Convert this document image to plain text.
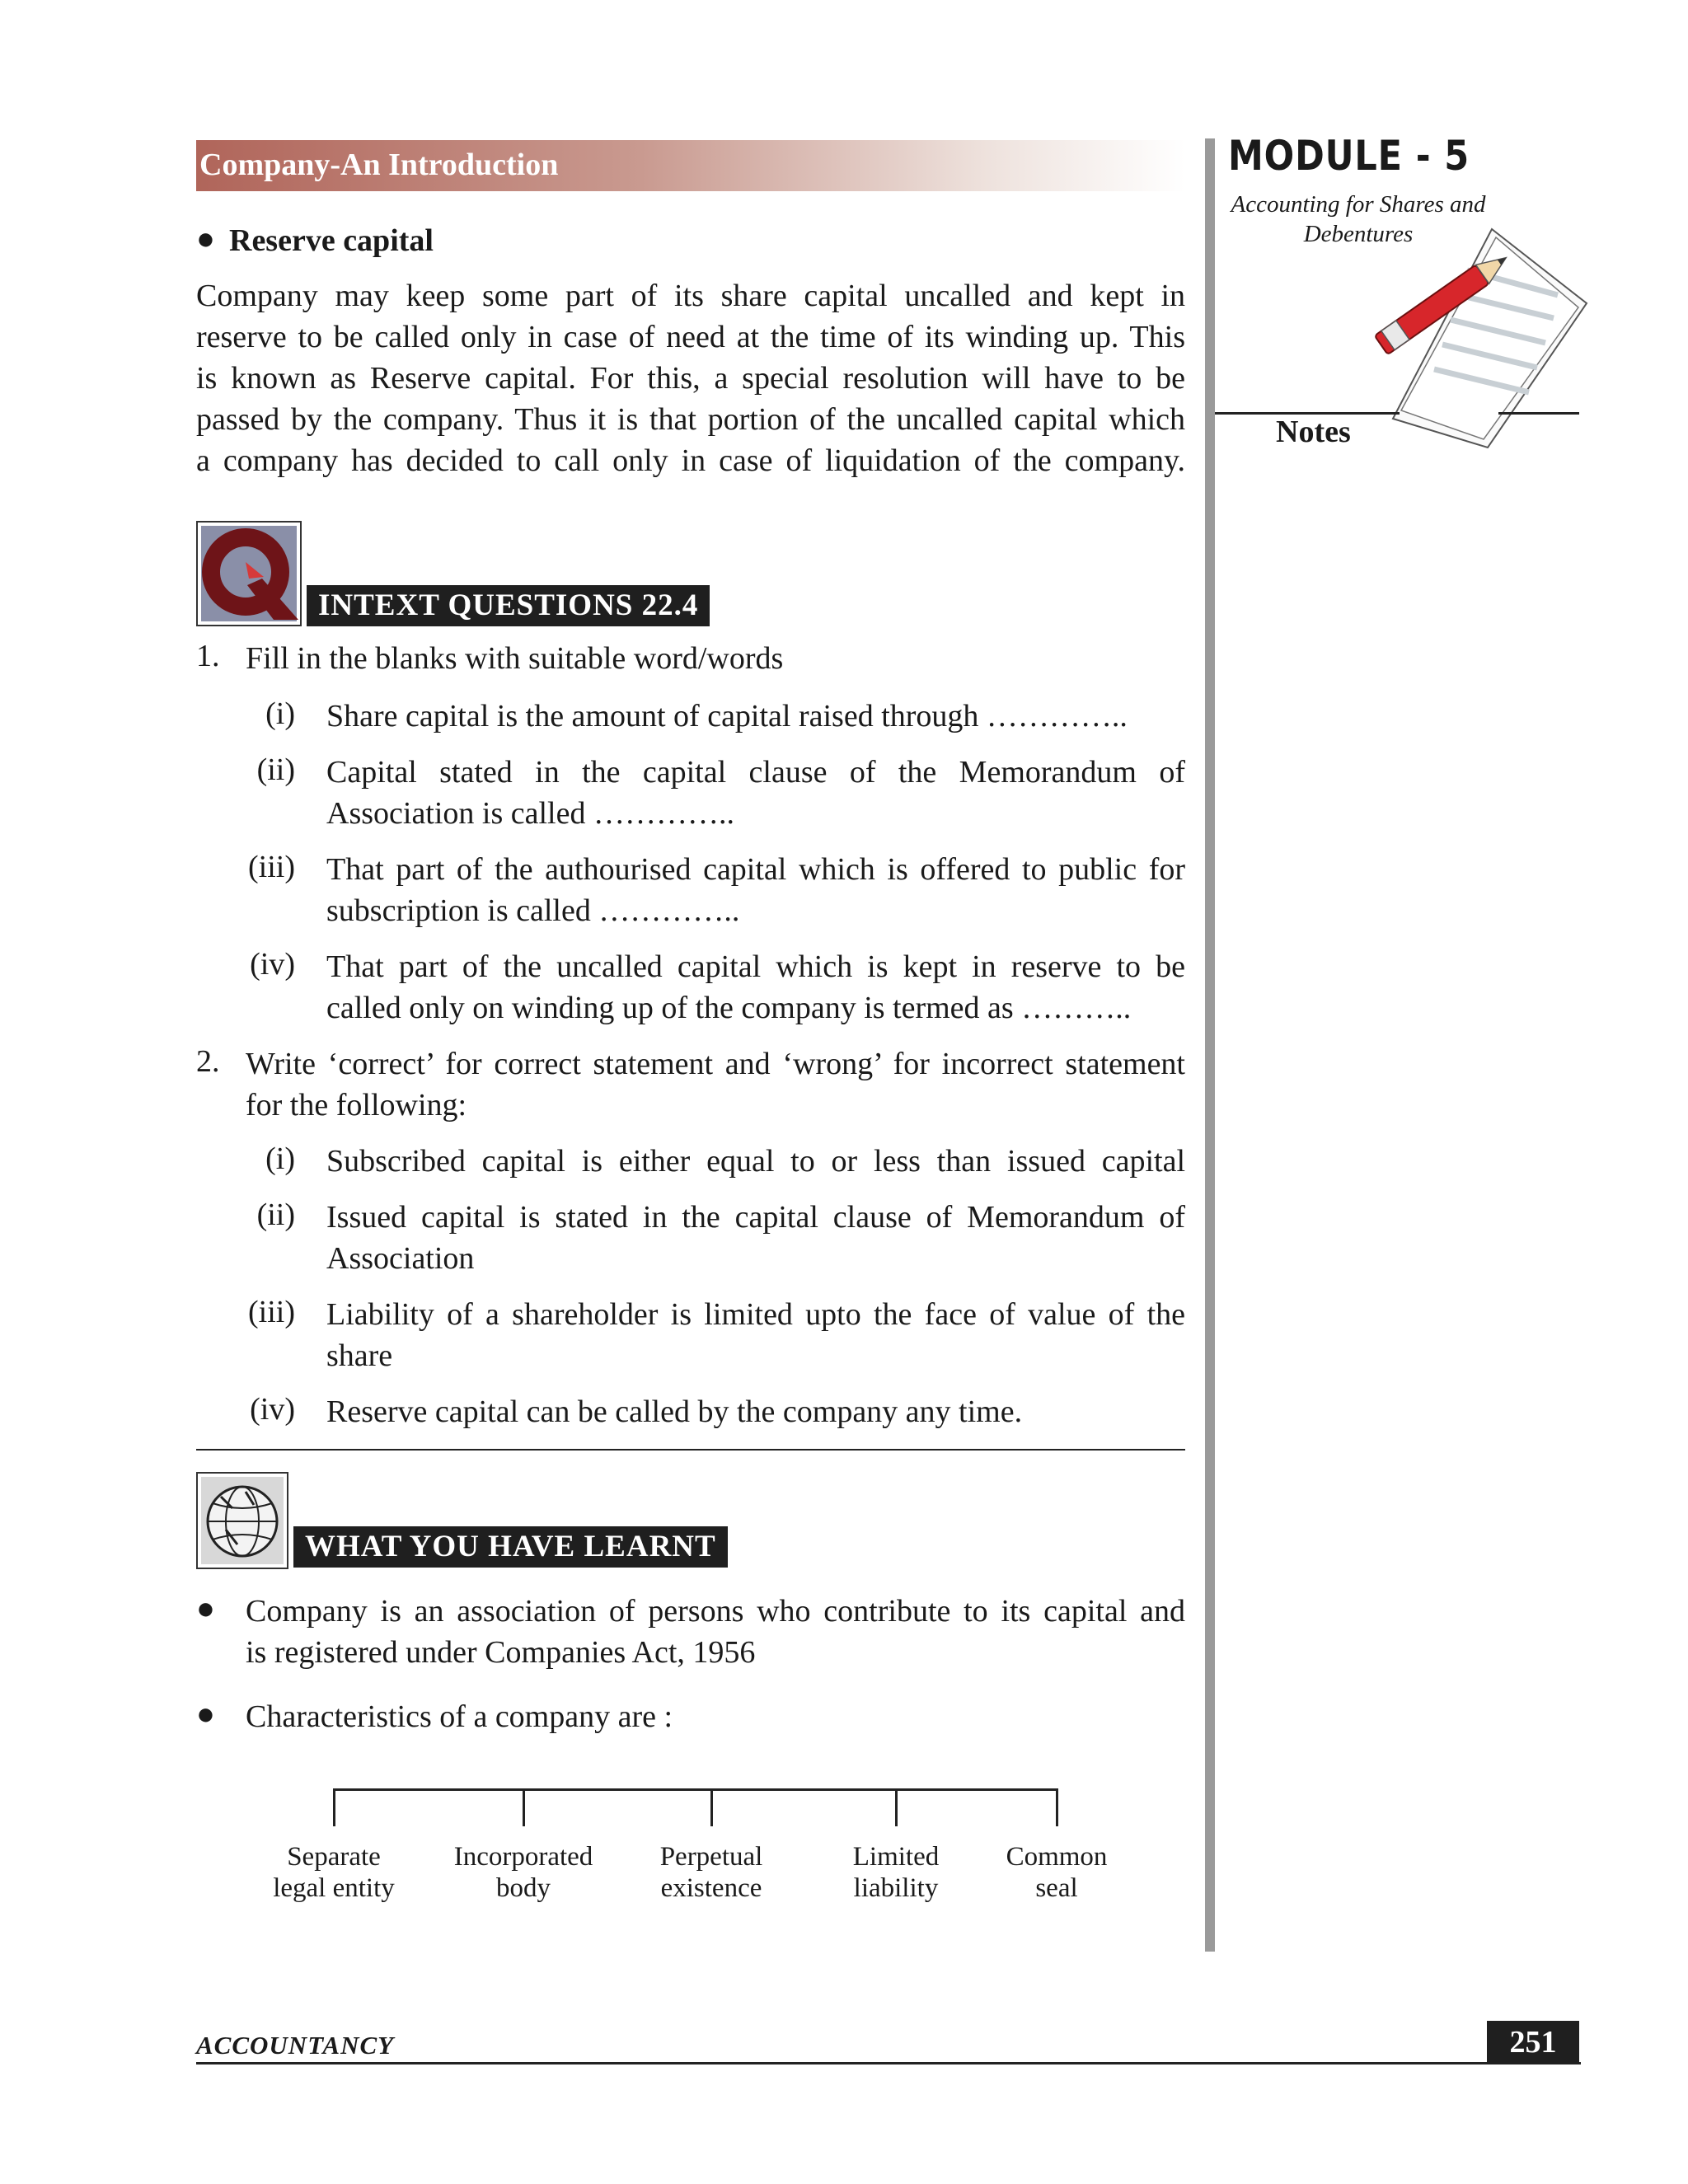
Company-An Introduction	MODULE - 5
Accounting for Shares and
Debentures
Notes
● Reserve capital
Company may keep some part of its share capital uncalled and kept in
reserve to be called only in case of need at the time of its winding up. This
is known as Reserve capital. For this, a special resolution will have to be
passed by the company. Thus it is that portion of the uncalled capital which
a company has decided to call only in case of liquidation of the company.
INTEXT QUESTIONS 22.4
1. Fill in the blanks with suitable word/words
(i) Share capital is the amount of capital raised through …………..
(ii) Capital stated in the capital clause of the Memorandum of
Association is called …………..
(iii) That part of the authourised capital which is offered to public for
subscription is called …………..
(iv) That part of the uncalled capital which is kept in reserve to be
called only on winding up of the company is termed as ………..
2. Write ‘correct’ for correct statement and ‘wrong’ for incorrect statement
for the following:
(i) Subscribed capital is either equal to or less than issued capital
(ii) Issued capital is stated in the capital clause of Memorandum of
Association
(iii) Liability of a shareholder is limited upto the face of value of the
share
(iv) Reserve capital can be called by the company any time.
WHAT YOU HAVE LEARNT
● Company is an association of persons who contribute to its capital and
is registered under Companies Act, 1956
● Characteristics of a company are :
Separate
legal entity
Incorporated
body
Perpetual
existence
Limited
liability
Common
seal
ACCOUNTANCY	251
